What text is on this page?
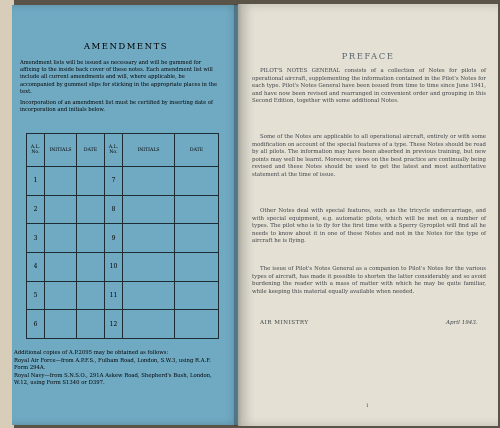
AMENDMENTS
Amendment lists will be issued as necessary and will be gummed for affixing to the inside back cover of these notes. Each amendment list will include all current amendments and will, where applicable, be accompanied by gummed slips for sticking in the appropriate places in the text.
Incorporation of an amendment list must be certified by inserting date of incorporation and initials below.
A.L. No.	INITIALS	DATE	A.L. No.	INITIALS	DATE
1			7		
2			8		
3			9		
4			10		
5			11		
6			12		
Additional copies of A.P.2095 may be obtained as follows:
Royal Air Force—from A.P.F.S., Fulham Road, London, S.W.3, using R.A.F. Form 294A.
Royal Navy—from S.N.S.O., 291A Askew Road, Shepherd's Bush, London, W.12, using Form S1340 or D397.
PREFACE
PILOT'S NOTES GENERAL consists of a collection of Notes for pilots of operational aircraft, supplementing the information contained in the Pilot's Notes for each type. Pilot's Notes General have been issued from time to time since June 1941, and have now been revised and rearranged in convenient order and grouping in this Second Edition, together with some additional Notes.
Some of the Notes are applicable to all operational aircraft, entirely or with some modification on account of the special features of a type. These Notes should be read by all pilots. The information may have been absorbed in previous training, but new points may well be learnt. Moreover, views on the best practice are continually being revised and these Notes should be used to get the latest and most authoritative statement at the time of issue.
Other Notes deal with special features, such as the tricycle undercarriage, and with special equipment, e.g. automatic pilots, which will be met on a number of types. The pilot who is to fly for the first time with a Sperry Gyropilot will find all he needs to know about it in one of these Notes and not in the Notes for the type of aircraft he is flying.
The issue of Pilot's Notes General as a companion to Pilot's Notes for the various types of aircraft, has made it possible to shorten the latter considerably and so avoid burdening the reader with a mass of matter with which he may be quite familiar, while keeping this material equally available when needed.
AIR MINISTRY	April 1943.
1
